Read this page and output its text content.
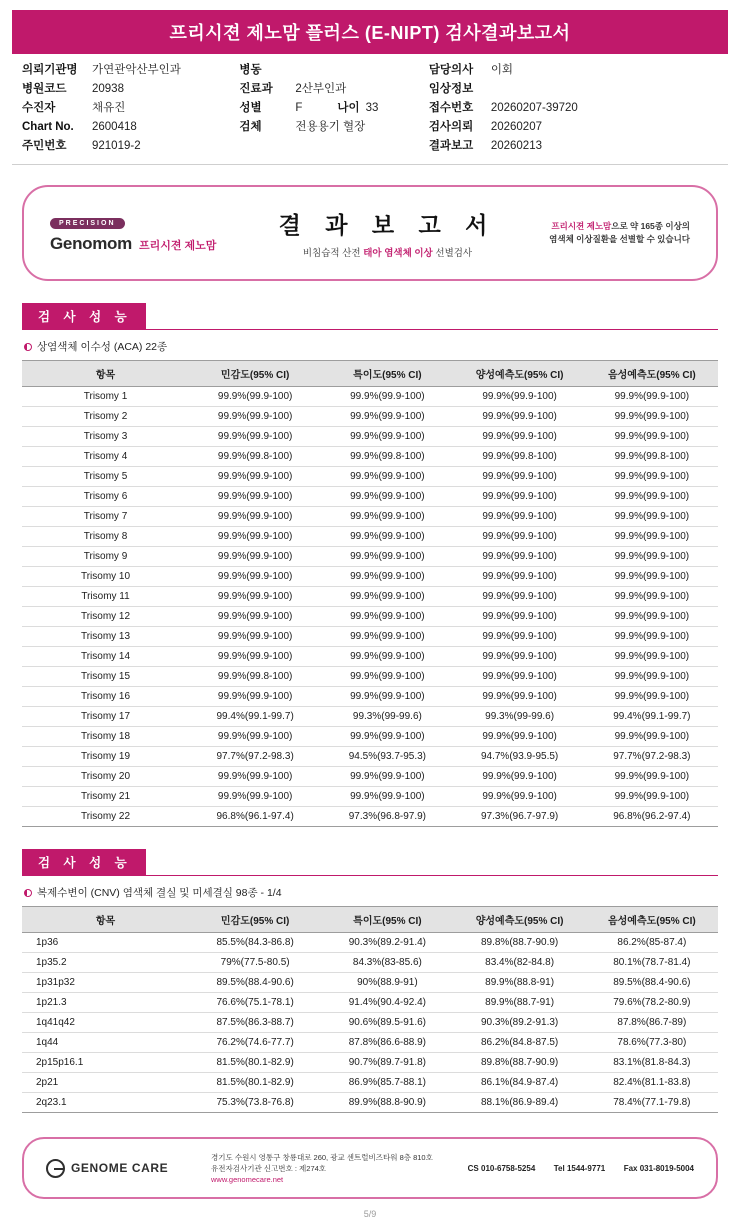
프리시젼 제노맘 플러스 (E-NIPT) 검사결과보고서
의뢰기관명	가연관악산부인과
병원코드	20938
수진자	채유진
Chart No.	2600418
주민번호	921019-2
병동
진료과	2산부인과
성별	F	나이 33
검체	전용용기 혈장
담당의사	이회
임상정보
접수번호	20260207-39720
검사의뢰	20260207
결과보고	20260213
PRECISION
Genomom 프리시젼 제노맘
결 과 보 고 서
비침습적 산전 태아 염색체 이상 선별검사
프리시젼 제노맘으로 약 165종 이상의
염색체 이상질환을 선별할 수 있습니다
검 사 성 능
상염색체 이수성 (ACA) 22종
항목	민감도(95% CI)	특이도(95% CI)	양성예측도(95% CI)	음성예측도(95% CI)
Trisomy 1	99.9%(99.9-100)	99.9%(99.9-100)	99.9%(99.9-100)	99.9%(99.9-100)
Trisomy 2	99.9%(99.9-100)	99.9%(99.9-100)	99.9%(99.9-100)	99.9%(99.9-100)
Trisomy 3	99.9%(99.9-100)	99.9%(99.9-100)	99.9%(99.9-100)	99.9%(99.9-100)
Trisomy 4	99.9%(99.8-100)	99.9%(99.8-100)	99.9%(99.8-100)	99.9%(99.8-100)
Trisomy 5	99.9%(99.9-100)	99.9%(99.9-100)	99.9%(99.9-100)	99.9%(99.9-100)
Trisomy 6	99.9%(99.9-100)	99.9%(99.9-100)	99.9%(99.9-100)	99.9%(99.9-100)
Trisomy 7	99.9%(99.9-100)	99.9%(99.9-100)	99.9%(99.9-100)	99.9%(99.9-100)
Trisomy 8	99.9%(99.9-100)	99.9%(99.9-100)	99.9%(99.9-100)	99.9%(99.9-100)
Trisomy 9	99.9%(99.9-100)	99.9%(99.9-100)	99.9%(99.9-100)	99.9%(99.9-100)
Trisomy 10	99.9%(99.9-100)	99.9%(99.9-100)	99.9%(99.9-100)	99.9%(99.9-100)
Trisomy 11	99.9%(99.9-100)	99.9%(99.9-100)	99.9%(99.9-100)	99.9%(99.9-100)
Trisomy 12	99.9%(99.9-100)	99.9%(99.9-100)	99.9%(99.9-100)	99.9%(99.9-100)
Trisomy 13	99.9%(99.9-100)	99.9%(99.9-100)	99.9%(99.9-100)	99.9%(99.9-100)
Trisomy 14	99.9%(99.9-100)	99.9%(99.9-100)	99.9%(99.9-100)	99.9%(99.9-100)
Trisomy 15	99.9%(99.8-100)	99.9%(99.9-100)	99.9%(99.9-100)	99.9%(99.9-100)
Trisomy 16	99.9%(99.9-100)	99.9%(99.9-100)	99.9%(99.9-100)	99.9%(99.9-100)
Trisomy 17	99.4%(99.1-99.7)	99.3%(99-99.6)	99.3%(99-99.6)	99.4%(99.1-99.7)
Trisomy 18	99.9%(99.9-100)	99.9%(99.9-100)	99.9%(99.9-100)	99.9%(99.9-100)
Trisomy 19	97.7%(97.2-98.3)	94.5%(93.7-95.3)	94.7%(93.9-95.5)	97.7%(97.2-98.3)
Trisomy 20	99.9%(99.9-100)	99.9%(99.9-100)	99.9%(99.9-100)	99.9%(99.9-100)
Trisomy 21	99.9%(99.9-100)	99.9%(99.9-100)	99.9%(99.9-100)	99.9%(99.9-100)
Trisomy 22	96.8%(96.1-97.4)	97.3%(96.8-97.9)	97.3%(96.7-97.9)	96.8%(96.2-97.4)
검 사 성 능
복제수변이 (CNV) 염색체 결실 및 미세결실 98종 - 1/4
항목	민감도(95% CI)	특이도(95% CI)	양성예측도(95% CI)	음성예측도(95% CI)
1p36	85.5%(84.3-86.8)	90.3%(89.2-91.4)	89.8%(88.7-90.9)	86.2%(85-87.4)
1p35.2	79%(77.5-80.5)	84.3%(83-85.6)	83.4%(82-84.8)	80.1%(78.7-81.4)
1p31p32	89.5%(88.4-90.6)	90%(88.9-91)	89.9%(88.8-91)	89.5%(88.4-90.6)
1p21.3	76.6%(75.1-78.1)	91.4%(90.4-92.4)	89.9%(88.7-91)	79.6%(78.2-80.9)
1q41q42	87.5%(86.3-88.7)	90.6%(89.5-91.6)	90.3%(89.2-91.3)	87.8%(86.7-89)
1q44	76.2%(74.6-77.7)	87.8%(86.6-88.9)	86.2%(84.8-87.5)	78.6%(77.3-80)
2p15p16.1	81.5%(80.1-82.9)	90.7%(89.7-91.8)	89.8%(88.7-90.9)	83.1%(81.8-84.3)
2p21	81.5%(80.1-82.9)	86.9%(85.7-88.1)	86.1%(84.9-87.4)	82.4%(81.1-83.8)
2q23.1	75.3%(73.8-76.8)	89.9%(88.8-90.9)	88.1%(86.9-89.4)	78.4%(77.1-79.8)
GENOME CARE
경기도 수원시 영통구 창룡대로 260, 광교 센트럴비즈타워 8층 810호
유전자검사기관 신고번호 : 제274호
www.genomecare.net
CS 010-6758-5254 Tel 1544-9771 Fax 031-8019-5004
5/9
